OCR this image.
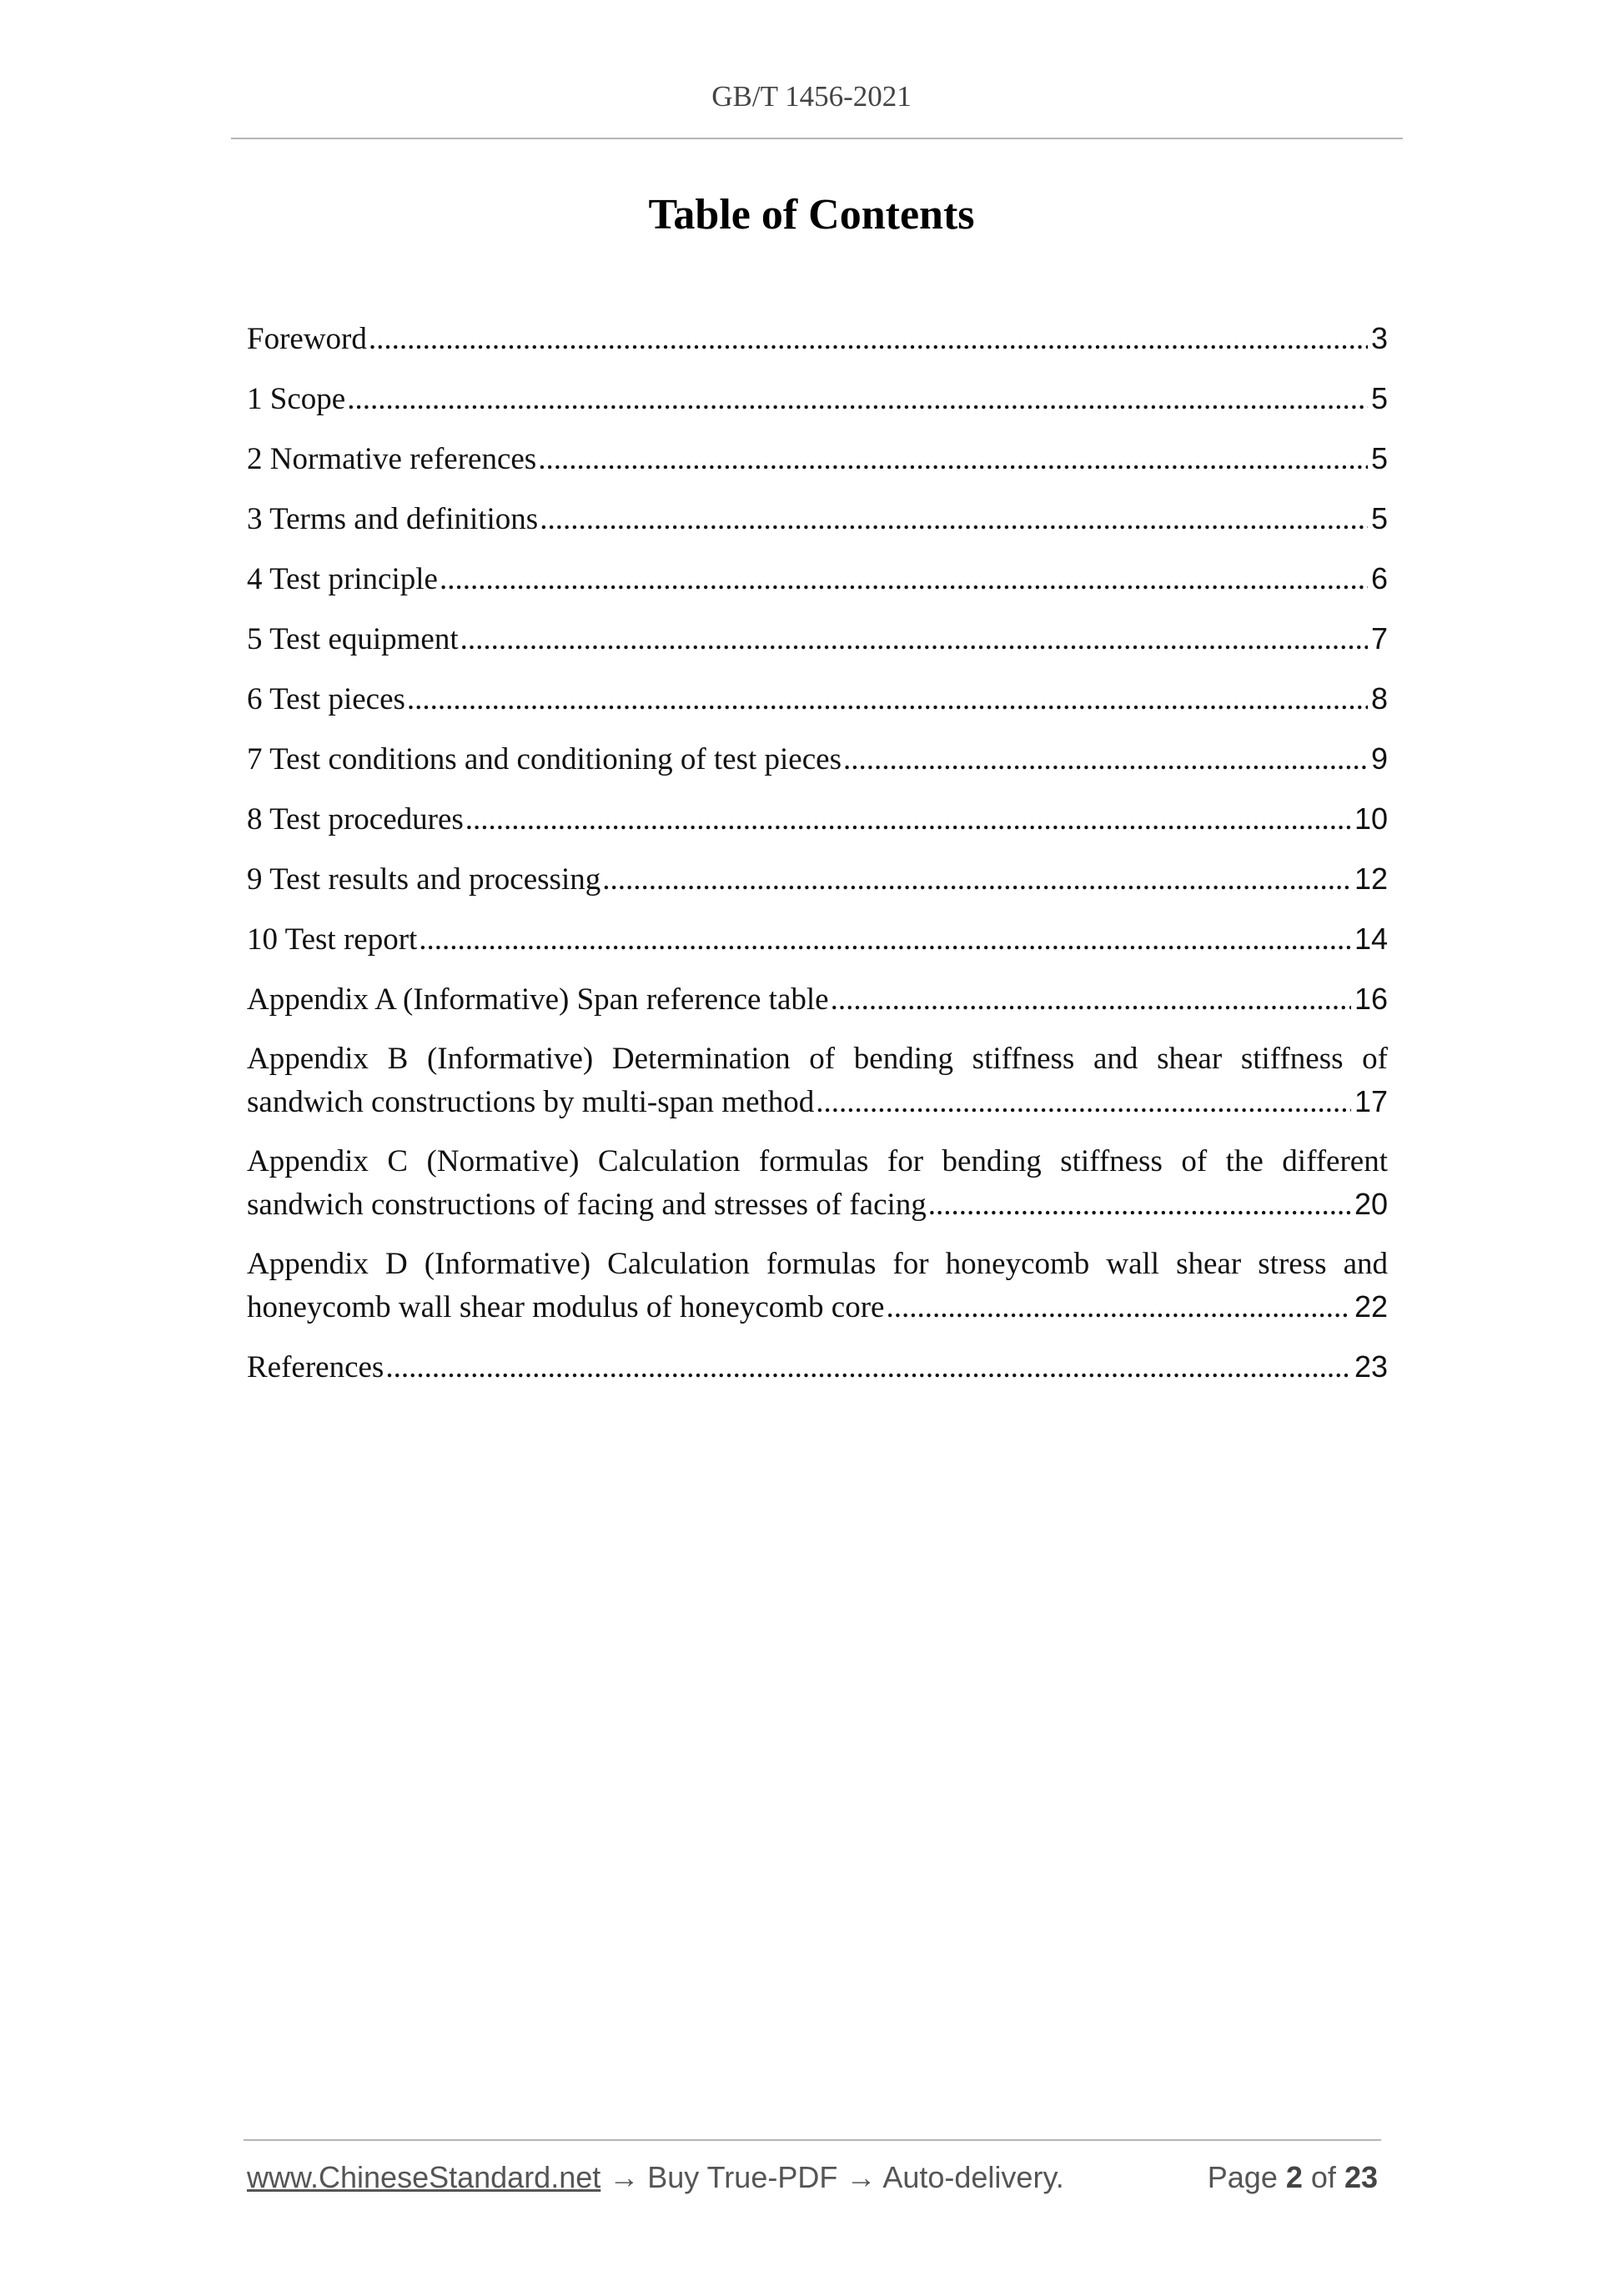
GB/T 1456-2021
Table of Contents
Foreword .....	3
1 Scope .....	5
2 Normative references .....	5
3 Terms and definitions .....	5
4 Test principle .....	6
5 Test equipment .....	7
6 Test pieces .....	8
7 Test conditions and conditioning of test pieces .....	9
8 Test procedures .....	10
9 Test results and processing .....	12
10 Test report .....	14
Appendix A (Informative) Span reference table .....	16
Appendix B (Informative) Determination of bending stiffness and shear stiffness of
sandwich constructions by multi-span method .....	17
Appendix C (Normative) Calculation formulas for bending stiffness of the different
sandwich constructions of facing and stresses of facing .....	20
Appendix D (Informative) Calculation formulas for honeycomb wall shear stress and
honeycomb wall shear modulus of honeycomb core .....	22
References .....	23
www.ChineseStandard.net → Buy True-PDF → Auto-delivery.	Page 2 of 23
